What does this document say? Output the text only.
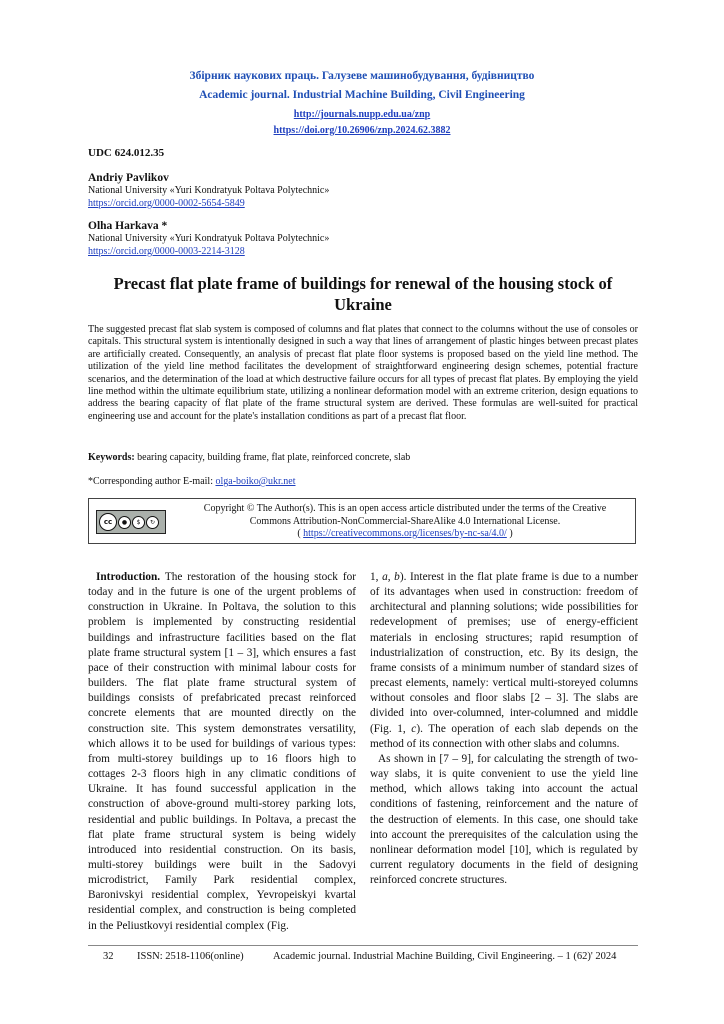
Збірник наукових праць. Галузеве машинобудування, будівництво
Academic journal. Industrial Machine Building, Civil Engineering
http://journals.nupp.edu.ua/znp
https://doi.org/10.26906/znp.2024.62.3882
UDC 624.012.35
Andriy Pavlikov
National University «Yuri Kondratyuk Poltava Polytechnic»
https://orcid.org/0000-0002-5654-5849
Olha Harkava *
National University «Yuri Kondratyuk Poltava Polytechnic»
https://orcid.org/0000-0003-2214-3128
Precast flat plate frame of buildings for renewal of the housing stock of Ukraine
The suggested precast flat slab system is composed of columns and flat plates that connect to the columns without the use of consoles or capitals. This structural system is intentionally designed in such a way that lines of arrangement of plastic hinges between precast plates are artificially created. Consequently, an analysis of precast flat plate floor systems is proposed based on the yield line method. The utilization of the yield line method facilitates the development of straightforward engineering design schemes, potential fracture scenarios, and the determination of the load at which destructive failure occurs for all types of precast flat plates. By employing the yield line method within the ultimate equilibrium state, utilizing a nonlinear deformation model with an extreme criterion, design equations to address the bearing capacity of flat plate of the frame structural system are derived. These formulas are well-suited for practical engineering use and account for the plate's installation conditions as part of a precast flat floor.
Keywords: bearing capacity, building frame, flat plate, reinforced concrete, slab
*Corresponding author E-mail: olga-boiko@ukr.net
cc	●	$	↻
Copyright © The Author(s). This is an open access article distributed under the terms of the Creative
Commons Attribution-NonCommercial-ShareAlike 4.0 International License.
( https://creativecommons.org/licenses/by-nc-sa/4.0/ )

Introduction. The restoration of the housing stock for today and in the future is one of the urgent problems of construction in Ukraine. In Poltava, the solution to this problem is implemented by constructing residential buildings and infrastructure facilities based on the flat plate frame structural system [1 – 3], which ensures a fast pace of their construction with minimal labour costs for builders. The flat plate frame structural system of buildings consists of prefabricated precast reinforced concrete elements that are mounted directly on the construction site. This system demonstrates versatility, which allows it to be used for buildings of various types: from multi-storey buildings up to 16 floors high to cottages 2-3 floors high in any climatic conditions of Ukraine. It has found successful application in the construction of above-ground multi-storey parking lots, residential and public buildings. In Poltava, a precast the flat plate frame structural system is being widely introduced into residential construction. On its basis, multi-storey buildings were built in the Sadovyi microdistrict, Family Park residential complex, Baronivskyi residential complex, Yevropeiskyi kvartal residential complex, and construction is being completed in the Peliustkovyi residential complex (Fig.

1, a, b). Interest in the flat plate frame is due to a number of its advantages when used in construction: freedom of architectural and planning solutions; wide possibilities for redevelopment of premises; use of energy-efficient materials in enclosing structures; rapid resumption of industrialization of construction, etc. By its design, the frame consists of a minimum number of standard sizes of precast elements, namely: vertical multi-storeyed columns without consoles and floor slabs [2 – 3]. The slabs are divided into over-columned, inter-columned and middle (Fig. 1, c). The operation of each slab depends on the method of its connection with other slabs and columns.

As shown in [7 – 9], for calculating the strength of two-way slabs, it is quite convenient to use the yield line method, which allows taking into account the actual conditions of fastening, reinforcement and the nature of the destruction of elements. In this case, one should take into account the prerequisites of the calculation using the nonlinear deformation model [10], which is regulated by current regulatory documents in the field of designing reinforced concrete structures.

32 ISSN: 2518-1106(online)	Academic journal. Industrial Machine Building, Civil Engineering. – 1 (62)' 2024
